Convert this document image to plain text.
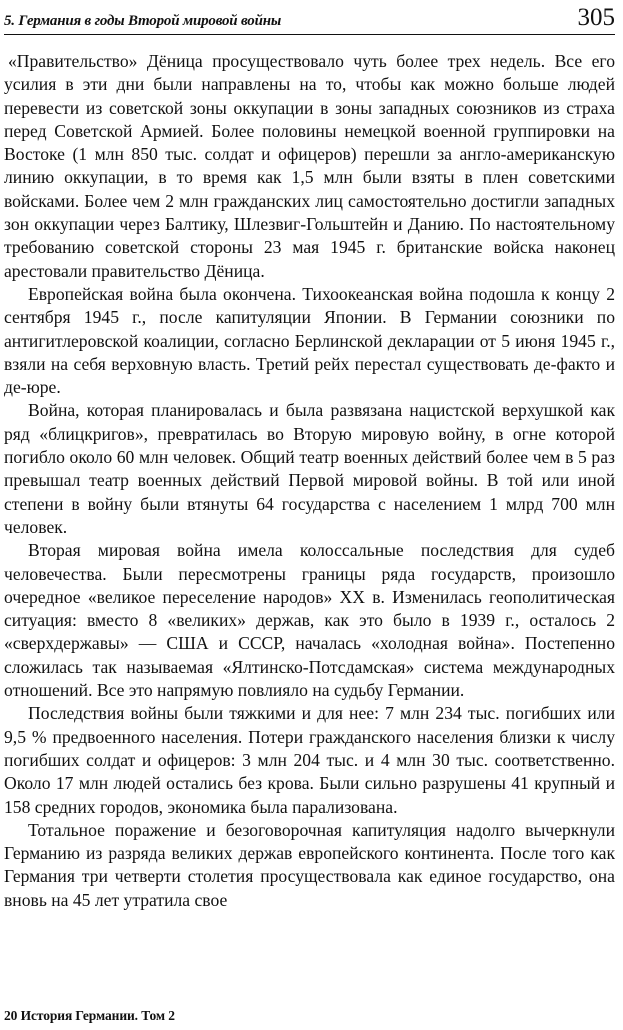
5. Германия в годы Второй мировой войны	305

«Правительство» Дёница просуществовало чуть более трех недель. Все его усилия в эти дни были направлены на то, чтобы как можно больше людей перевести из советской зоны оккупации в зоны западных союзников из страха перед Советской Армией. Более половины немецкой военной группировки на Востоке (1 млн 850 тыс. солдат и офицеров) перешли за англо-американскую линию оккупации, в то время как 1,5 млн были взяты в плен советскими войсками. Более чем 2 млн гражданских лиц самостоятельно достигли западных зон оккупации через Балтику, Шлезвиг-Гольштейн и Данию. По настоятельному требованию советской стороны 23 мая 1945 г. британские войска наконец арестовали правительство Дёница.

Европейская война была окончена. Тихоокеанская война подошла к концу 2 сентября 1945 г., после капитуляции Японии. В Германии союзники по антигитлеровской коалиции, согласно Берлинской декларации от 5 июня 1945 г., взяли на себя верховную власть. Третий рейх перестал существовать де-факто и де-юре.

Война, которая планировалась и была развязана нацистской верхушкой как ряд «блицкригов», превратилась во Вторую мировую войну, в огне которой погибло около 60 млн человек. Общий театр военных действий более чем в 5 раз превышал театр военных действий Первой мировой войны. В той или иной степени в войну были втянуты 64 государства с населением 1 млрд 700 млн человек.

Вторая мировая война имела колоссальные последствия для судеб человечества. Были пересмотрены границы ряда государств, произошло очередное «великое переселение народов» XX в. Изменилась геополитическая ситуация: вместо 8 «великих» держав, как это было в 1939 г., осталось 2 «сверхдержавы» — США и СССР, началась «холодная война». Постепенно сложилась так называемая «Ялтинско-Потсдамская» система международных отношений. Все это напрямую повлияло на судьбу Германии.

Последствия войны были тяжкими и для нее: 7 млн 234 тыс. погибших или 9,5 % предвоенного населения. Потери гражданского населения близки к числу погибших солдат и офицеров: 3 млн 204 тыс. и 4 млн 30 тыс. соответственно. Около 17 млн людей остались без крова. Были сильно разрушены 41 крупный и 158 средних городов, экономика была парализована.

Тотальное поражение и безоговорочная капитуляция надолго вычеркнули Германию из разряда великих держав европейского континента. После того как Германия три четверти столетия просуществовала как единое государство, она вновь на 45 лет утратила свое

20 История Германии. Том 2
